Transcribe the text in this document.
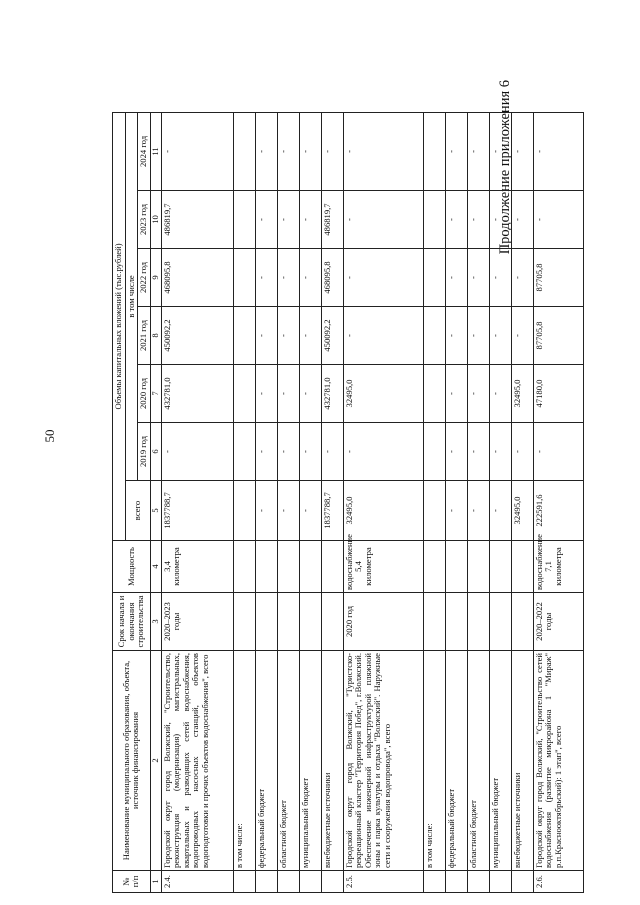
50
Продолжение приложения 6
№ п/п	Наименование муниципального образования, объекта, источник финансирования	Срок начала и окончания строительства	Мощность	Объемы капитальных вложений (тыс.рублей)						
				всего	в том числе					
					2019 год	2020 год	2021 год	2022 год	2023 год	2024 год
1	2	3	4	5	6	7	8	9	10	11
2.4.	Городской округ город Волжский, "Строительство, реконструкция (модернизация) магистральных, квартальных и разводящих сетей водоснабжения, водопроводных насосных станций, объектов водоподготовки и прочих объектов водоснабжения", всего	2020–2023 годы	3,4 километра	1837788,7	-	432781,0	450092,2	468095,8	486819,7	-
	в том числе:									
	федеральный бюджет			-	-	-	-	-	-	-
	областной бюджет			-	-	-	-	-	-	-
	муниципальный бюджет			-	-	-	-	-	-	-
	внебюджетные источники			1837788,7	-	432781,0	450092,2	468095,8	486819,7	-
2.5.	Городской округ город Волжский, "Туристско-рекреационный кластер "Территория Побед", г.Волжский. Обеспечение инженерной инфраструктурой пляжной зоны и парка культуры и отдыха "Волжский". Наружные сети и сооружения водопровода", всего	2020 год	водоснабжение 5,4 километра	32495,0	-	32495,0	-	-	-	-
	в том числе:									
	федеральный бюджет			-	-	-	-	-	-	-
	областной бюджет			-	-	-	-	-	-	-
	муниципальный бюджет			-	-	-	-	-	-	-
	внебюджетные источники			32495,0	-	32495,0	-	-	-	-
2.6.	Городской округ город Волжский, "Строительство сетей водоснабжения (развитие микрорайона 1 "Мираж" р.п.Краснооктябрьский): 1 этап", всего	2020–2022 годы	водоснабжение 7,1 километра	222591,6	-	47180,0	87705,8	87705,8	-	-
